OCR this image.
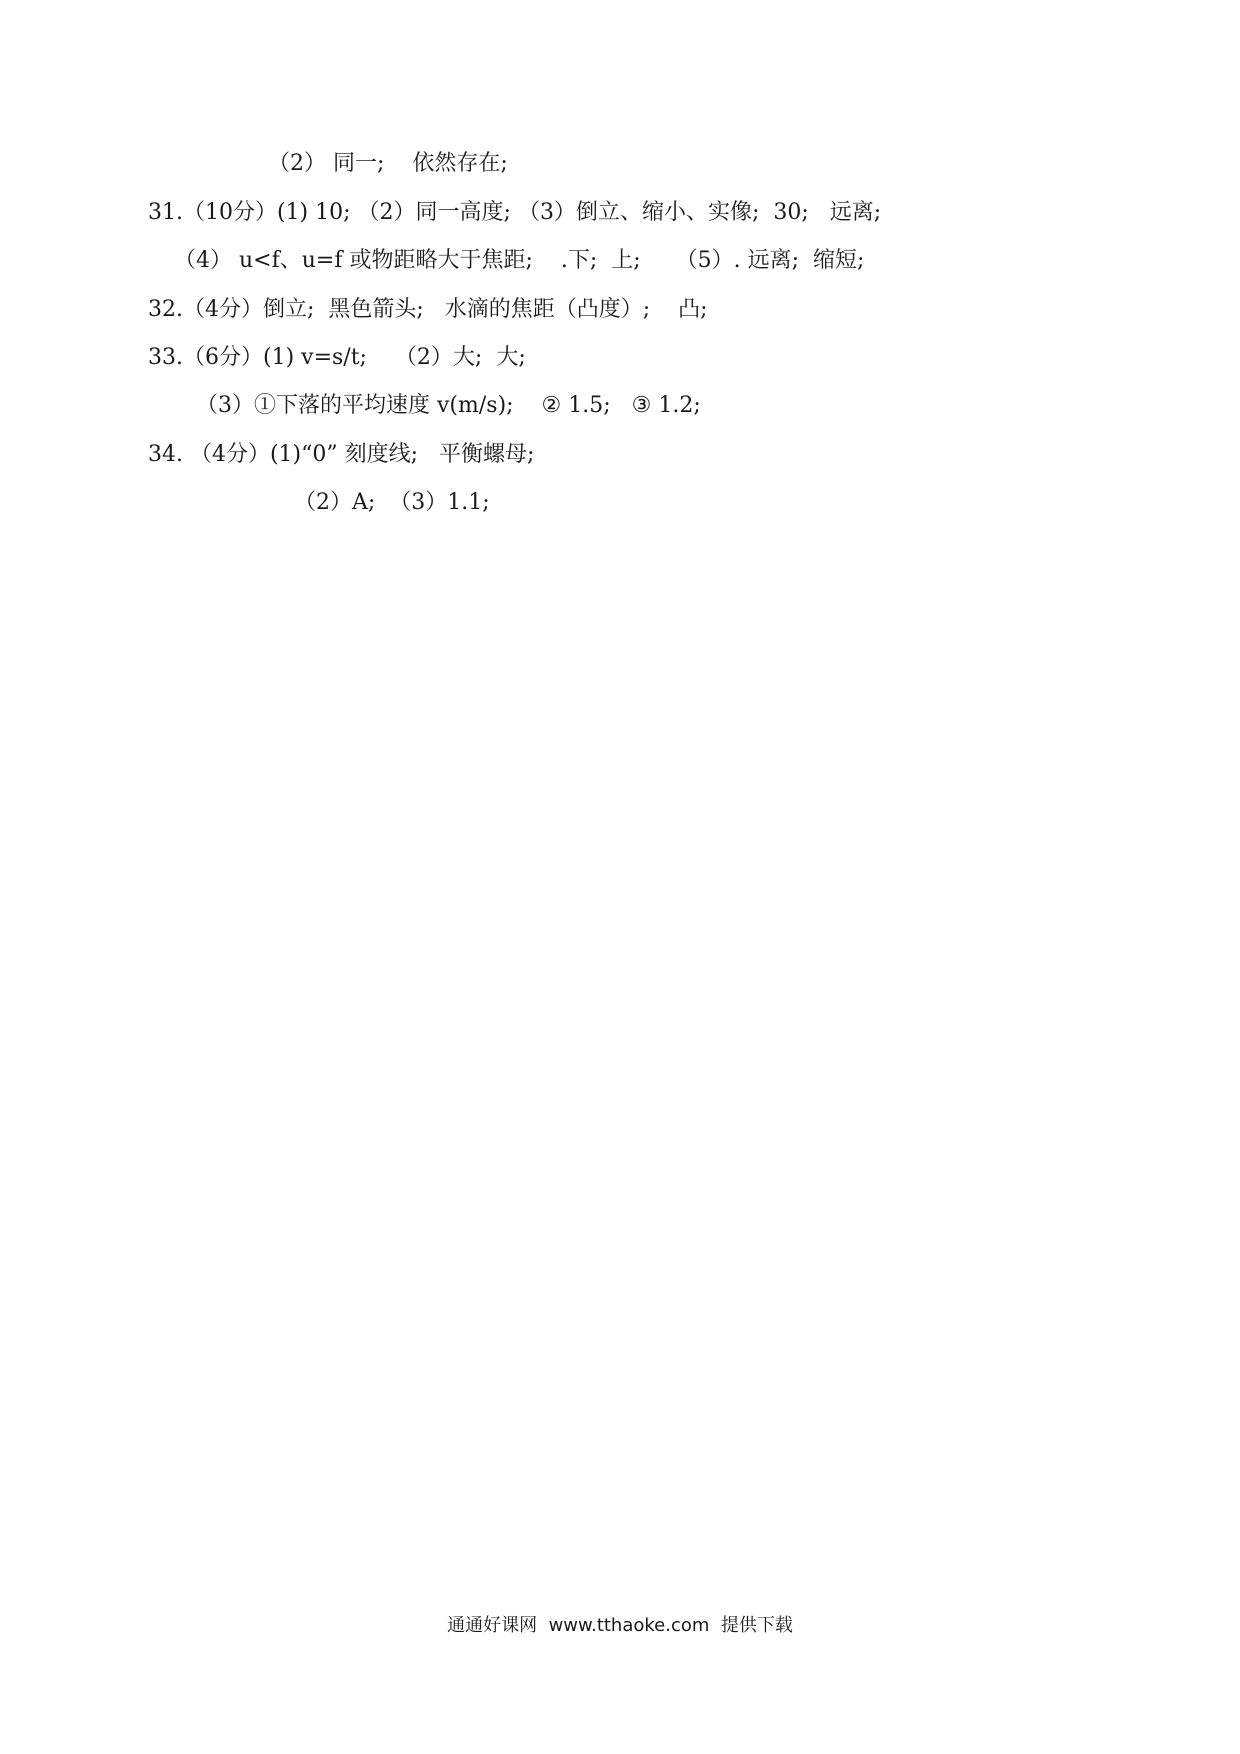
（2） 同一;    依然存在;
31.（10分）(1) 10; （2）同一高度; （3）倒立、缩小、实像;  30;   远离;
（4） u<f、u=f 或物距略大于焦距;    .下;  上;     （5）. 远离;  缩短;
32.（4分）倒立;  黑色箭头;   水滴的焦距（凸度）;    凸;
33.（6分）(1) v=s/t;    （2）大;  大;
（3）①下落的平均速度 v(m/s);    ② 1.5;   ③ 1.2;
34. （4分）(1)“0” 刻度线;   平衡螺母;
（2）A;  （3）1.1;
通通好课网  www.tthaoke.com  提供下载
